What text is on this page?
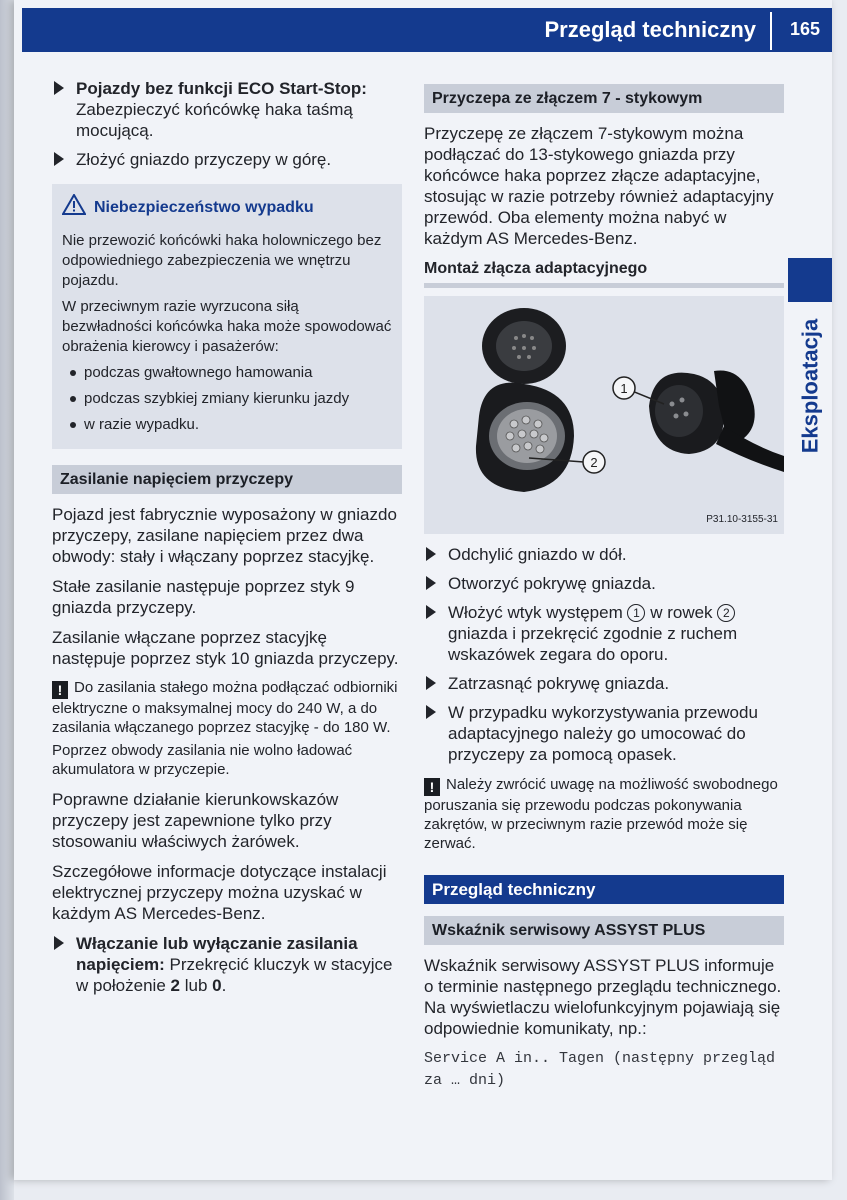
Przegląd techniczny 165
Eksploatacja
Pojazdy bez funkcji ECO Start-Stop: Zabezpieczyć końcówkę haka taśmą mocującą.
Złożyć gniazdo przyczepy w górę.
Niebezpieczeństwo wypadku

Nie przewozić końcówki haka holowniczego bez odpowiedniego zabezpieczenia we wnętrzu pojazdu.

W przeciwnym razie wyrzucona siłą bezwładności końcówka haka może spowodować obrażenia kierowcy i pasażerów:

podczas gwałtownego hamowania
podczas szybkiej zmiany kierunku jazdy
w razie wypadku.
Zasilanie napięciem przyczepy

Pojazd jest fabrycznie wyposażony w gniazdo przyczepy, zasilane napięciem przez dwa obwody: stały i włączany poprzez stacyjkę.

Stałe zasilanie następuje poprzez styk 9 gniazda przyczepy.

Zasilanie włączane poprzez stacyjkę następuje poprzez styk 10 gniazda przyczepy.

! Do zasilania stałego można podłączać odbiorniki elektryczne o maksymalnej mocy do 240 W, a do zasilania włączanego poprzez stacyjkę - do 180 W.
Poprzez obwody zasilania nie wolno ładować akumulatora w przyczepie.

Poprawne działanie kierunkowskazów przyczepy jest zapewnione tylko przy stosowaniu właściwych żarówek.

Szczegółowe informacje dotyczące instalacji elektrycznej przyczepy można uzyskać w każdym AS Mercedes-Benz.

Włączanie lub wyłączanie zasilania napięciem: Przekręcić kluczyk w stacyjce w położenie 2 lub 0.
Przyczepa ze złączem 7 - stykowym

Przyczepę ze złączem 7-stykowym można podłączać do 13-stykowego gniazda przy końcówce haka poprzez złącze adaptacyjne, stosując w razie potrzeby również adaptacyjny przewód. Oba elementy można nabyć w każdym AS Mercedes-Benz.

Montaż złącza adaptacyjnego
1
2
P31.10-3155-31
Odchylić gniazdo w dół.
Otworzyć pokrywę gniazda.
Włożyć wtyk występem 1 w rowek 2 gniazda i przekręcić zgodnie z ruchem wskazówek zegara do oporu.
Zatrzasnąć pokrywę gniazda.
W przypadku wykorzystywania przewodu adaptacyjnego należy go umocować do przyczepy za pomocą opasek.
! Należy zwrócić uwagę na możliwość swobodnego poruszania się przewodu podczas pokonywania zakrętów, w przeciwnym razie przewód może się zerwać.
Przegląd techniczny
Wskaźnik serwisowy ASSYST PLUS

Wskaźnik serwisowy ASSYST PLUS informuje o terminie następnego przeglądu technicznego. Na wyświetlaczu wielofunkcyjnym pojawiają się odpowiednie komunikaty, np.:

Service A in.. Tagen (następny przegląd za … dni)
